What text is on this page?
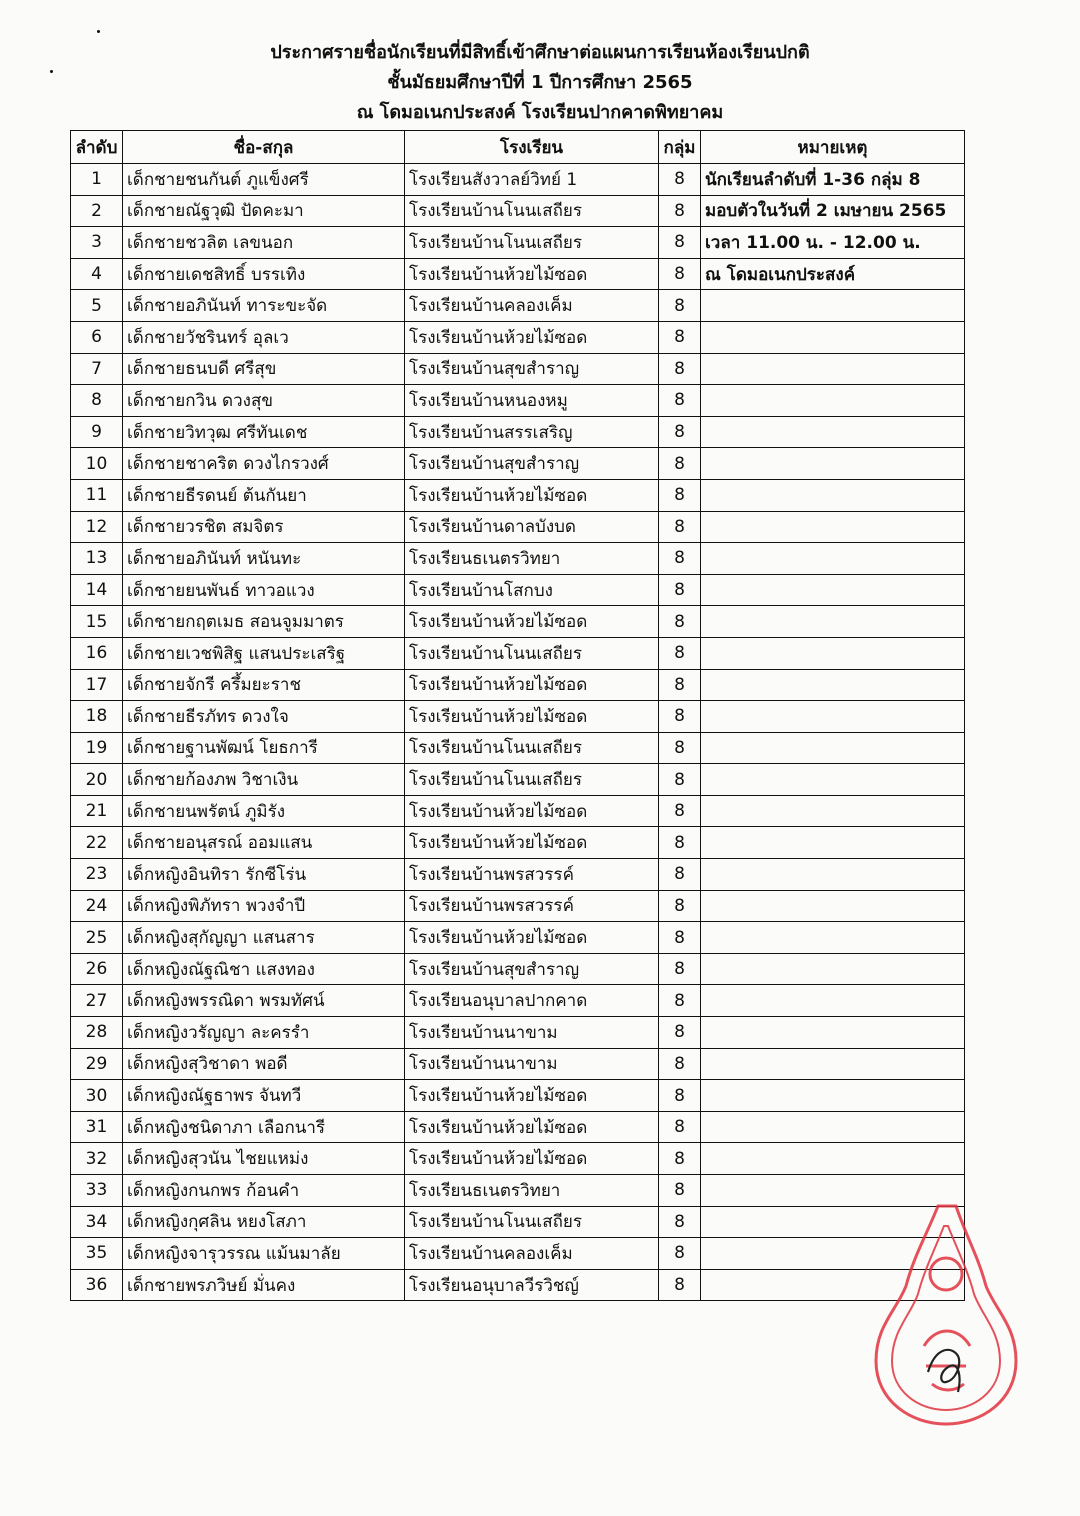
ประกาศรายชื่อนักเรียนที่มีสิทธิ์เข้าศึกษาต่อแผนการเรียนห้องเรียนปกติ
ชั้นมัธยมศึกษาปีที่ 1 ปีการศึกษา 2565
ณ โดมอเนกประสงค์ โรงเรียนปากคาดพิทยาคม
ลำดับ	ชื่อ-สกุล	โรงเรียน	กลุ่ม	หมายเหตุ
1	เด็กชายชนกันต์ ภูแข็งศรี	โรงเรียนสังวาลย์วิทย์ 1	8	นักเรียนลำดับที่ 1-36 กลุ่ม 8
2	เด็กชายณัฐวุฒิ ปัดคะมา	โรงเรียนบ้านโนนเสถียร	8	มอบตัวในวันที่ 2 เมษายน 2565
3	เด็กชายชวลิต เลขนอก	โรงเรียนบ้านโนนเสถียร	8	เวลา 11.00 น. - 12.00 น.
4	เด็กชายเดชสิทธิ์ บรรเทิง	โรงเรียนบ้านห้วยไม้ซอด	8	ณ โดมอเนกประสงค์
5	เด็กชายอภินันท์ ทาระขะจัด	โรงเรียนบ้านคลองเค็ม	8	
6	เด็กชายวัชรินทร์ อุลเว	โรงเรียนบ้านห้วยไม้ซอด	8	
7	เด็กชายธนบดี ศรีสุข	โรงเรียนบ้านสุขสำราญ	8	
8	เด็กชายกวิน ดวงสุข	โรงเรียนบ้านหนองหมู	8	
9	เด็กชายวิทวุฒ ศรีทันเดช	โรงเรียนบ้านสรรเสริญ	8	
10	เด็กชายชาคริต ดวงไกรวงศ์	โรงเรียนบ้านสุขสำราญ	8	
11	เด็กชายธีรดนย์ ต้นกันยา	โรงเรียนบ้านห้วยไม้ซอด	8	
12	เด็กชายวรชิต สมจิตร	โรงเรียนบ้านดาลบังบด	8	
13	เด็กชายอภินันท์ หนันทะ	โรงเรียนธเนตรวิทยา	8	
14	เด็กชายยนพันธ์ ทาวอแวง	โรงเรียนบ้านโสกบง	8	
15	เด็กชายกฤตเมธ สอนจูมมาตร	โรงเรียนบ้านห้วยไม้ซอด	8	
16	เด็กชายเวชพิสิฐ แสนประเสริฐ	โรงเรียนบ้านโนนเสถียร	8	
17	เด็กชายจักรี ครึ้มยะราช	โรงเรียนบ้านห้วยไม้ซอด	8	
18	เด็กชายธีรภัทร ดวงใจ	โรงเรียนบ้านห้วยไม้ซอด	8	
19	เด็กชายฐานพัฒน์ โยธการี	โรงเรียนบ้านโนนเสถียร	8	
20	เด็กชายก้องภพ วิชาเงิน	โรงเรียนบ้านโนนเสถียร	8	
21	เด็กชายนพรัตน์ ภูมิรัง	โรงเรียนบ้านห้วยไม้ซอด	8	
22	เด็กชายอนุสรณ์ ออมแสน	โรงเรียนบ้านห้วยไม้ซอด	8	
23	เด็กหญิงอินทิรา รักซีโร่น	โรงเรียนบ้านพรสวรรค์	8	
24	เด็กหญิงพิภัทรา พวงจำปี	โรงเรียนบ้านพรสวรรค์	8	
25	เด็กหญิงสุกัญญา แสนสาร	โรงเรียนบ้านห้วยไม้ซอด	8	
26	เด็กหญิงณัฐณิชา แสงทอง	โรงเรียนบ้านสุขสำราญ	8	
27	เด็กหญิงพรรณิดา พรมทัศน์	โรงเรียนอนุบาลปากคาด	8	
28	เด็กหญิงวรัญญา ละครรำ	โรงเรียนบ้านนาขาม	8	
29	เด็กหญิงสุวิชาดา พอดี	โรงเรียนบ้านนาขาม	8	
30	เด็กหญิงณัฐธาพร จันทวี	โรงเรียนบ้านห้วยไม้ซอด	8	
31	เด็กหญิงชนิดาภา เลือกนารี	โรงเรียนบ้านห้วยไม้ซอด	8	
32	เด็กหญิงสุวนัน ไชยแหม่ง	โรงเรียนบ้านห้วยไม้ซอด	8	
33	เด็กหญิงกนกพร ก้อนคำ	โรงเรียนธเนตรวิทยา	8	
34	เด็กหญิงกุศลิน หยงโสภา	โรงเรียนบ้านโนนเสถียร	8	
35	เด็กหญิงจารุวรรณ แม้นมาลัย	โรงเรียนบ้านคลองเค็ม	8	
36	เด็กชายพรภวิษย์ มั่นคง	โรงเรียนอนุบาลวีรวิชญ์	8	
